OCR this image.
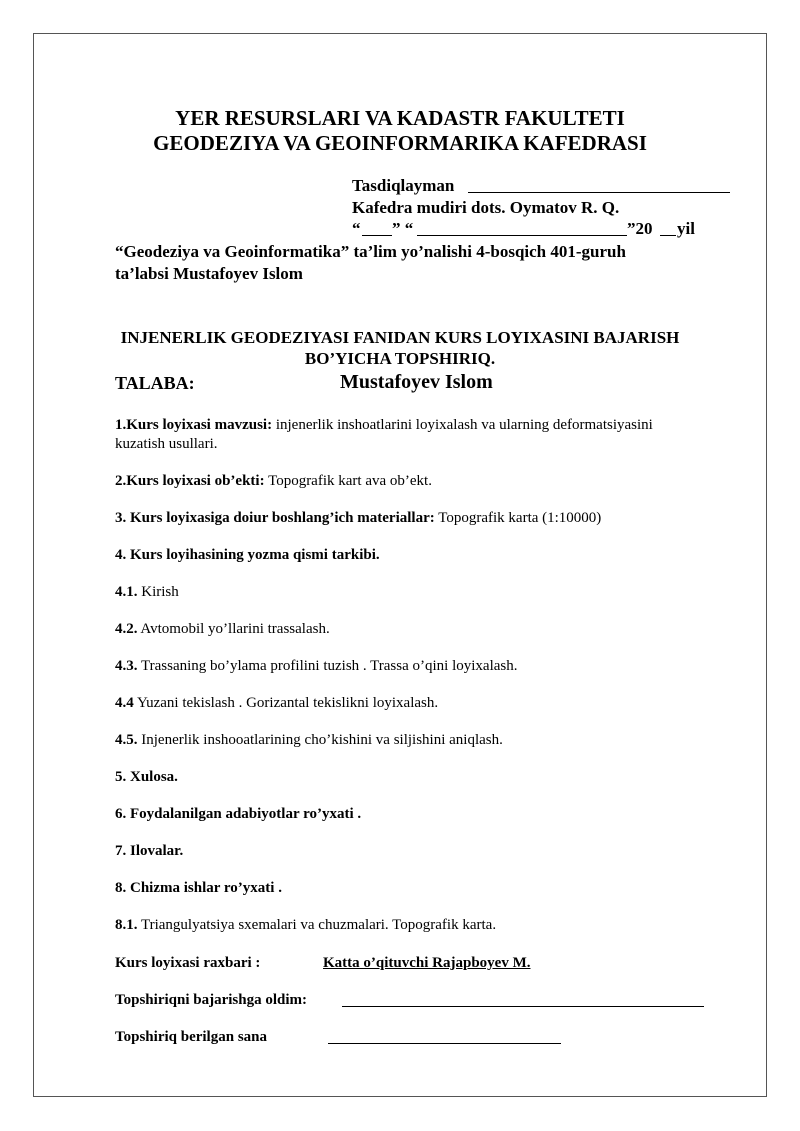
YER RESURSLARI VA KADASTR FAKULTETI
GEODEZIYA VA GEOINFORMARIKA KAFEDRASI
Tasdiqlayman
Kafedra mudiri dots. Oymatov R. Q.
“ ” “	”20 yil
“Geodeziya va Geoinformatika” ta’lim yo’nalishi 4-bosqich 401-guruh
ta’labsi Mustafoyev Islom
INJENERLIK GEODEZIYASI FANIDAN KURS LOYIXASINI BAJARISH
BO’YICHA TOPSHIRIQ.
TALABA:	Mustafoyev Islom
1.Kurs loyixasi mavzusi: injenerlik inshoatlarini loyixalash va ularning deformatsiyasini
kuzatish usullari.
2.Kurs loyixasi ob’ekti: Topografik kart ava ob’ekt.
3. Kurs loyixasiga doiur boshlang’ich materiallar: Topografik karta (1:10000)
4. Kurs loyihasining yozma qismi tarkibi.
4.1. Kirish
4.2. Avtomobil yo’llarini trassalash.
4.3. Trassaning bo’ylama profilini tuzish . Trassa o’qini loyixalash.
4.4 Yuzani tekislash . Gorizantal tekislikni loyixalash.
4.5. Injenerlik inshooatlarining cho’kishini va siljishini aniqlash.
5. Xulosa.
6. Foydalanilgan adabiyotlar ro’yxati .
7. Ilovalar.
8. Chizma ishlar ro’yxati .
8.1. Triangulyatsiya sxemalari va chuzmalari. Topografik karta.
Kurs loyixasi raxbari :	Katta o’qituvchi Rajapboyev M.
Topshiriqni bajarishga oldim:
Topshiriq berilgan sana
